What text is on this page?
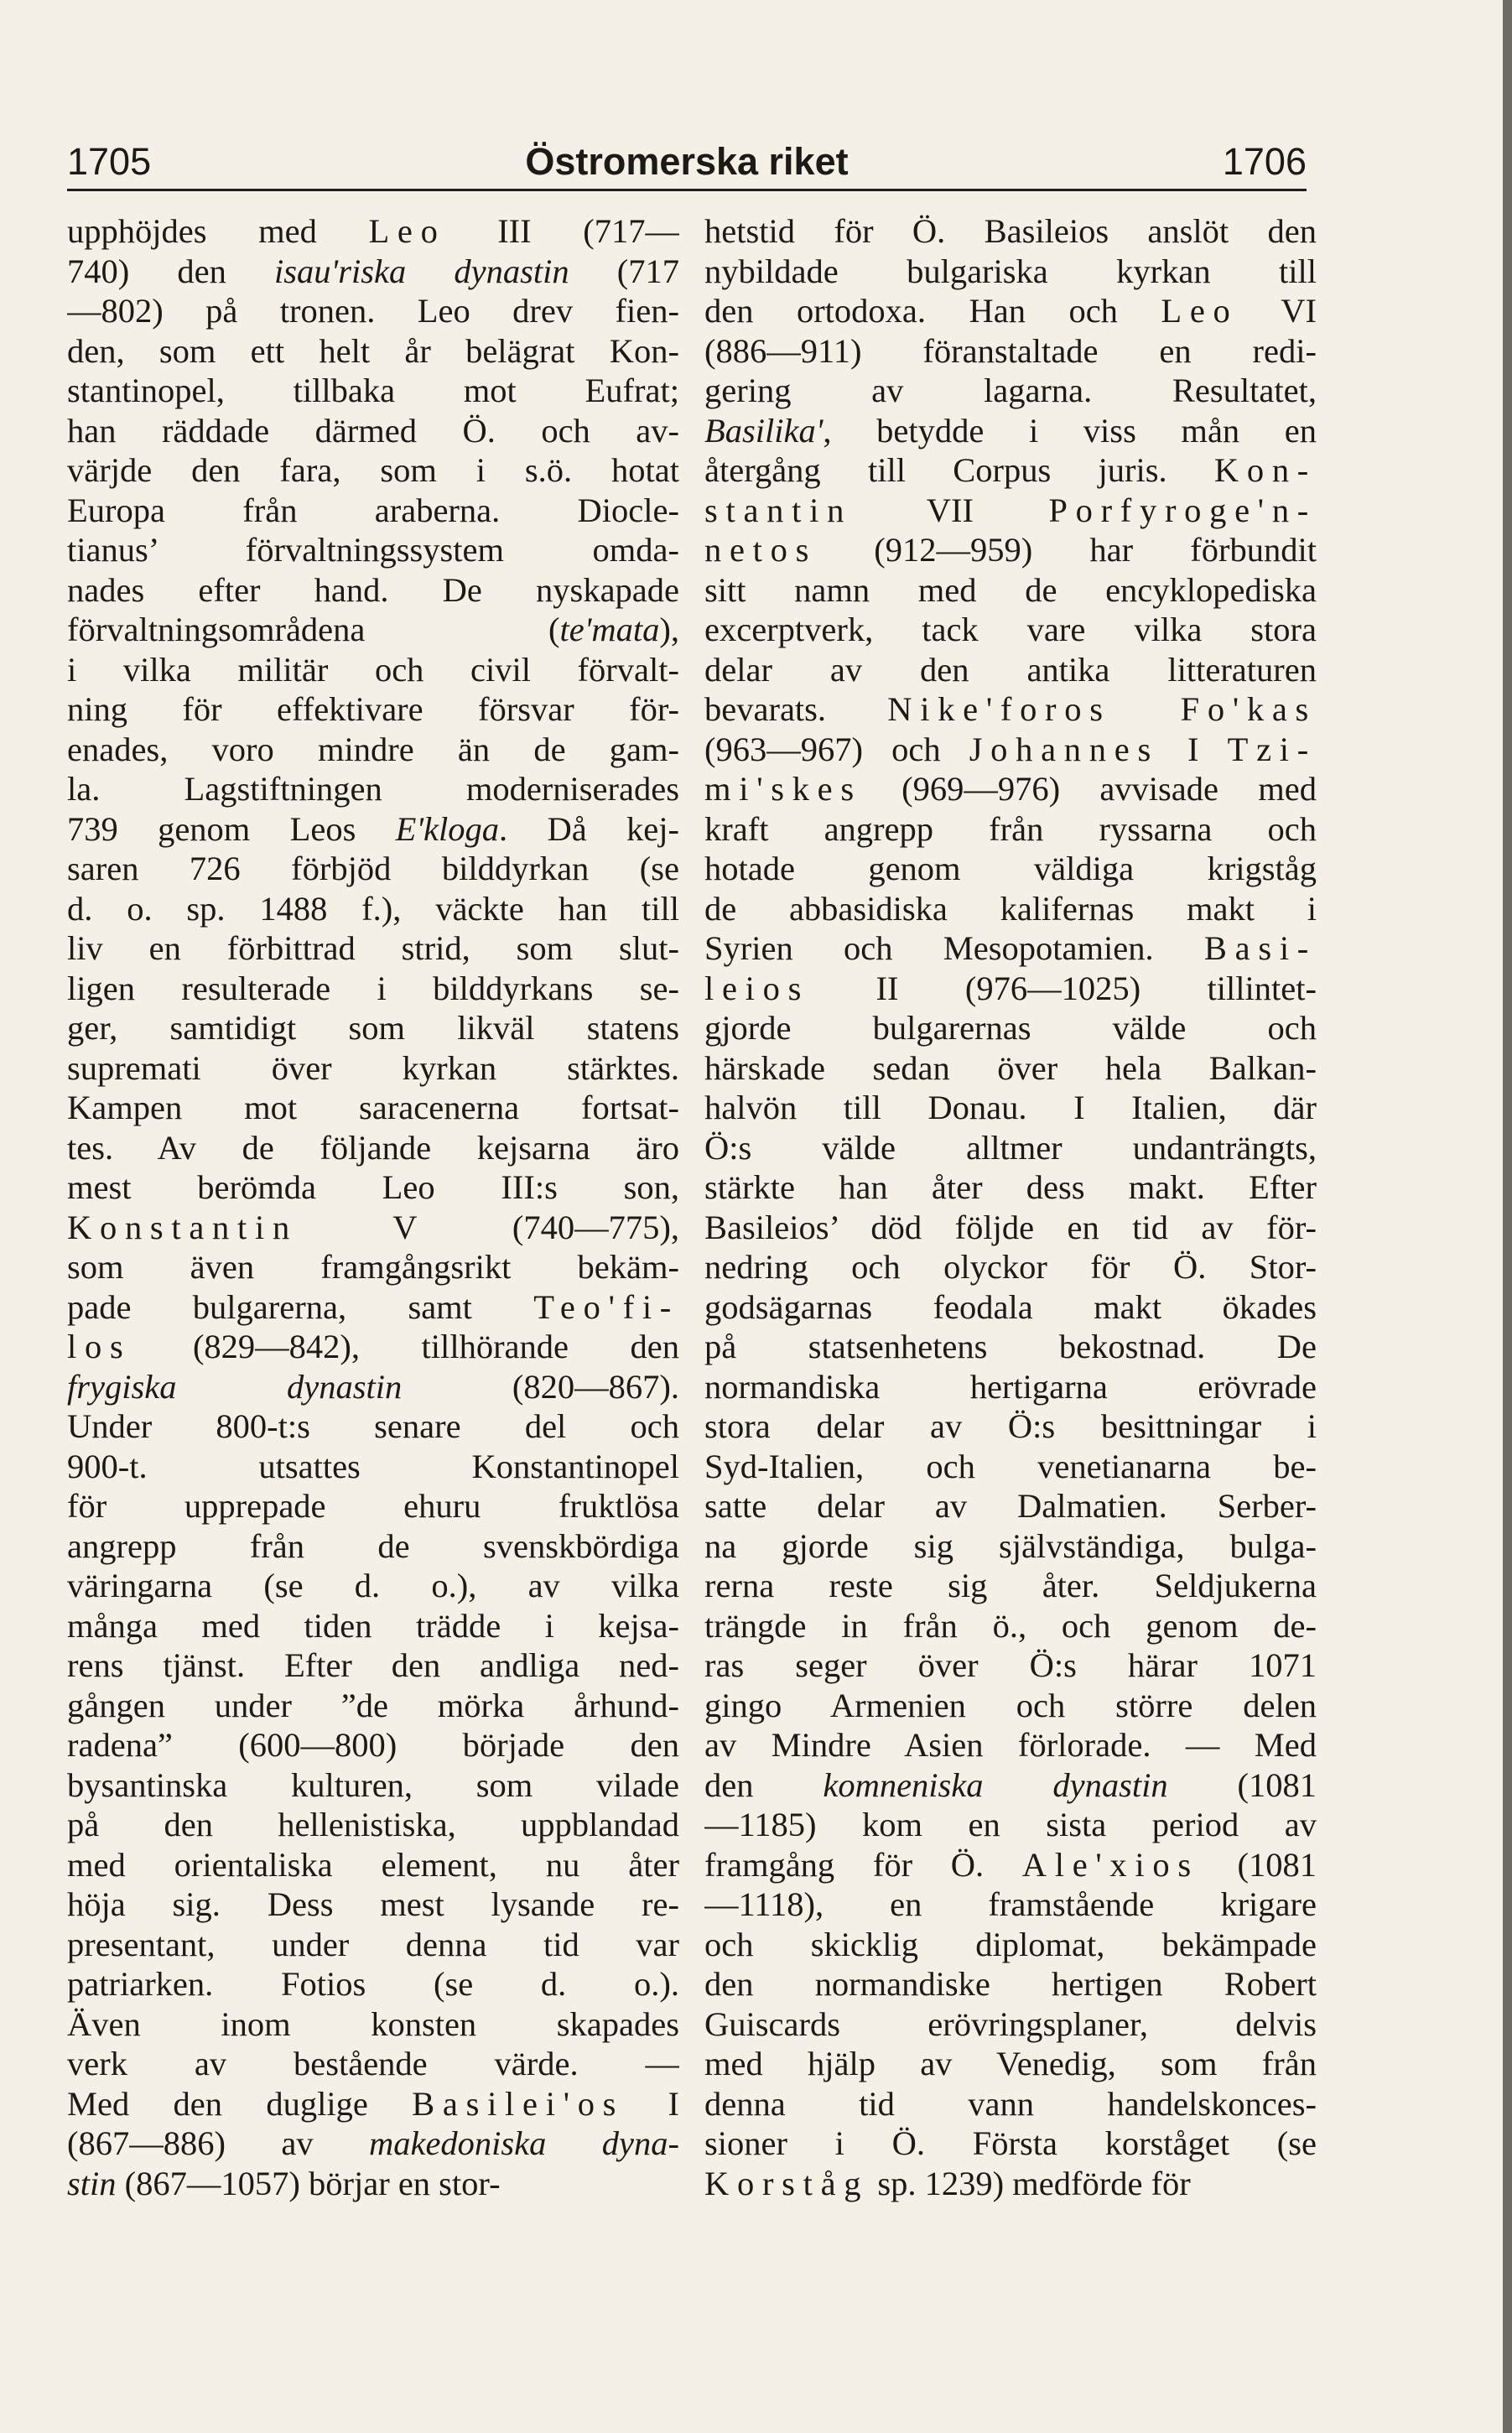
1705	Östromerska riket	1706
upphöjdes med Leo III (717—
740) den isau'riska dynastin (717
—802) på tronen. Leo drev fien-
den, som ett helt år belägrat Kon-
stantinopel, tillbaka mot Eufrat;
han räddade därmed Ö. och av-
värjde den fara, som i s.ö. hotat
Europa från araberna. Diocle-
tianus’ förvaltningssystem omda-
nades efter hand. De nyskapade
förvaltningsområdena (te'mata),
i vilka militär och civil förvalt-
ning för effektivare försvar för-
enades, voro mindre än de gam-
la. Lagstiftningen moderniserades
739 genom Leos E'kloga. Då kej-
saren 726 förbjöd bilddyrkan (se
d. o. sp. 1488 f.), väckte han till
liv en förbittrad strid, som slut-
ligen resulterade i bilddyrkans se-
ger, samtidigt som likväl statens
suprematі över kyrkan stärktes.
Kampen mot saracenerna fortsat-
tes. Av de följande kejsarna äro
mest berömda Leo III:s son,
Konstantin V (740—775),
som även framgångsrikt bekäm-
pade bulgarerna, samt Teo'fi-
los (829—842), tillhörande den
frygiska dynastin (820—867).
Under 800-t:s senare del och
900-t. utsattes Konstantinopel
för upprepade ehuru fruktlösa
angrepp från de svenskbördiga
väringarna (se d. o.), av vilka
många med tiden trädde i kejsa-
rens tjänst. Efter den andliga ned-
gången under ”de mörka århund-
radena” (600—800) började den
bysantinska kulturen, som vilade
på den hellenistiska, uppblandad
med orientaliska element, nu åter
höja sig. Dess mest lysande re-
presentant, under denna tid var
patriarken. Fotios (se d. o.).
Även inom konsten skapades
verk av bestående värde. —
Med den duglige Basilei'os I
(867—886) av makedoniska dyna-
stin (867—1057) börjar en stor-
hetstid för Ö. Basileios anslöt den
nybildade bulgariska kyrkan till
den ortodoxa. Han och Leo VI
(886—911) föranstaltade en redi-
gering av lagarna. Resultatet,
Basilika', betydde i viss mån en
återgång till Corpus juris. Kon-
stantin VII Porfyroge'n-
netos (912—959) har förbundit
sitt namn med de encyklopediska
excerptverk, tack vare vilka stora
delar av den antika litteraturen
bevarats. Nike'foros Fo'kas
(963—967) och Johannes I Tzi-
mi'skes (969—976) avvisade med
kraft angrepp från ryssarna och
hotade genom väldiga krigståg
de abbasidiska kalifernas makt i
Syrien och Mesopotamien. Basi-
leios II (976—1025) tillintet-
gjorde bulgarernas välde och
härskade sedan över hela Balkan-
halvön till Donau. I Italien, där
Ö:s välde alltmer undanträngts,
stärkte han åter dess makt. Efter
Basileios’ död följde en tid av för-
nedring och olyckor för Ö. Stor-
godsägarnas feodala makt ökades
på statsenhetens bekostnad. De
normandiska hertigarna erövrade
stora delar av Ö:s besittningar i
Syd-Italien, och venetianarna be-
satte delar av Dalmatien. Serber-
na gjorde sig självständiga, bulga-
rerna reste sig åter. Seldjukerna
trängde in från ö., och genom de-
ras seger över Ö:s härar 1071
gingo Armenien och större delen
av Mindre Asien förlorade. — Med
den komneniska dynastin (1081
—1185) kom en sista period av
framgång för Ö. Ale'xios (1081
—1118), en framstående krigare
och skicklig diplomat, bekämpade
den normandiske hertigen Robert
Guiscards erövringsplaner, delvis
med hjälp av Venedig, som från
denna tid vann handelskonces-
sioner i Ö. Första korståget (se
Korståg sp. 1239) medförde för
